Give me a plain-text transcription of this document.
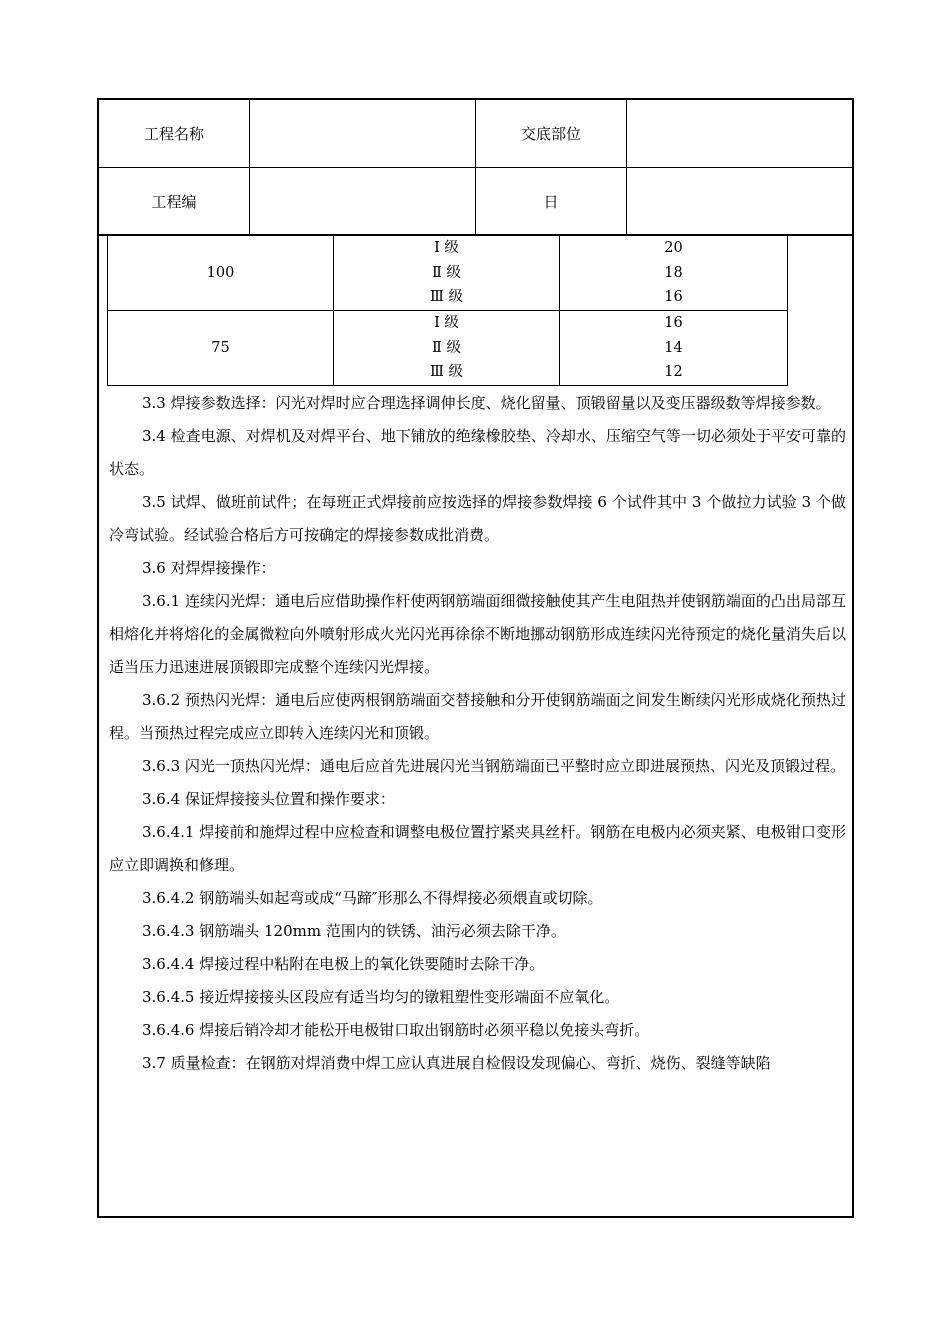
工程名称	交底部位
工程编	日
100
Ⅰ 级
Ⅱ 级
Ⅲ 级
20
18
16
75
Ⅰ 级
Ⅱ 级
Ⅲ 级
16
14
12

3.3 焊接参数选择：闪光对焊时应合理选择调伸长度、烧化留量、顶锻留量以及变压器级数等焊接参数。

3.4 检查电源、对焊机及对焊平台、地下铺放的绝缘橡胶垫、冷却水、压缩空气等一切必须处于平安可靠的状态。

3.5 试焊、做班前试件；在每班正式焊接前应按选择的焊接参数焊接 6 个试件其中 3 个做拉力试验 3 个做冷弯试验。经试验合格后方可按确定的焊接参数成批消费。

3.6 对焊焊接操作：

3.6.1 连续闪光焊：通电后应借助操作杆使两钢筋端面细微接触使其产生电阻热并使钢筋端面的凸出局部互相熔化并将熔化的金属微粒向外喷射形成火光闪光再徐徐不断地挪动钢筋形成连续闪光待预定的烧化量消失后以适当压力迅速进展顶锻即完成整个连续闪光焊接。

3.6.2 预热闪光焊：通电后应使两根钢筋端面交替接触和分开使钢筋端面之间发生断续闪光形成烧化预热过程。当预热过程完成应立即转入连续闪光和顶锻。

3.6.3 闪光一顶热闪光焊：通电后应首先进展闪光当钢筋端面已平整时应立即进展预热、闪光及顶锻过程。

3.6.4 保证焊接接头位置和操作要求：

3.6.4.1 焊接前和施焊过程中应检查和调整电极位置拧紧夹具丝杆。钢筋在电极内必须夹紧、电极钳口变形应立即调换和修理。

3.6.4.2 钢筋端头如起弯或成“马蹄″形那么不得焊接必须煨直或切除。

3.6.4.3 钢筋端头 120mm 范围内的铁锈、油污必须去除干净。

3.6.4.4 焊接过程中粘附在电极上的氧化铁要随时去除干净。

3.6.4.5 接近焊接接头区段应有适当均匀的镦粗塑性变形端面不应氧化。

3.6.4.6 焊接后销冷却才能松开电极钳口取出钢筋时必须平稳以免接头弯折。

3.7 质量检查：在钢筋对焊消费中焊工应认真进展自检假设发现偏心、弯折、烧伤、裂缝等缺陷
